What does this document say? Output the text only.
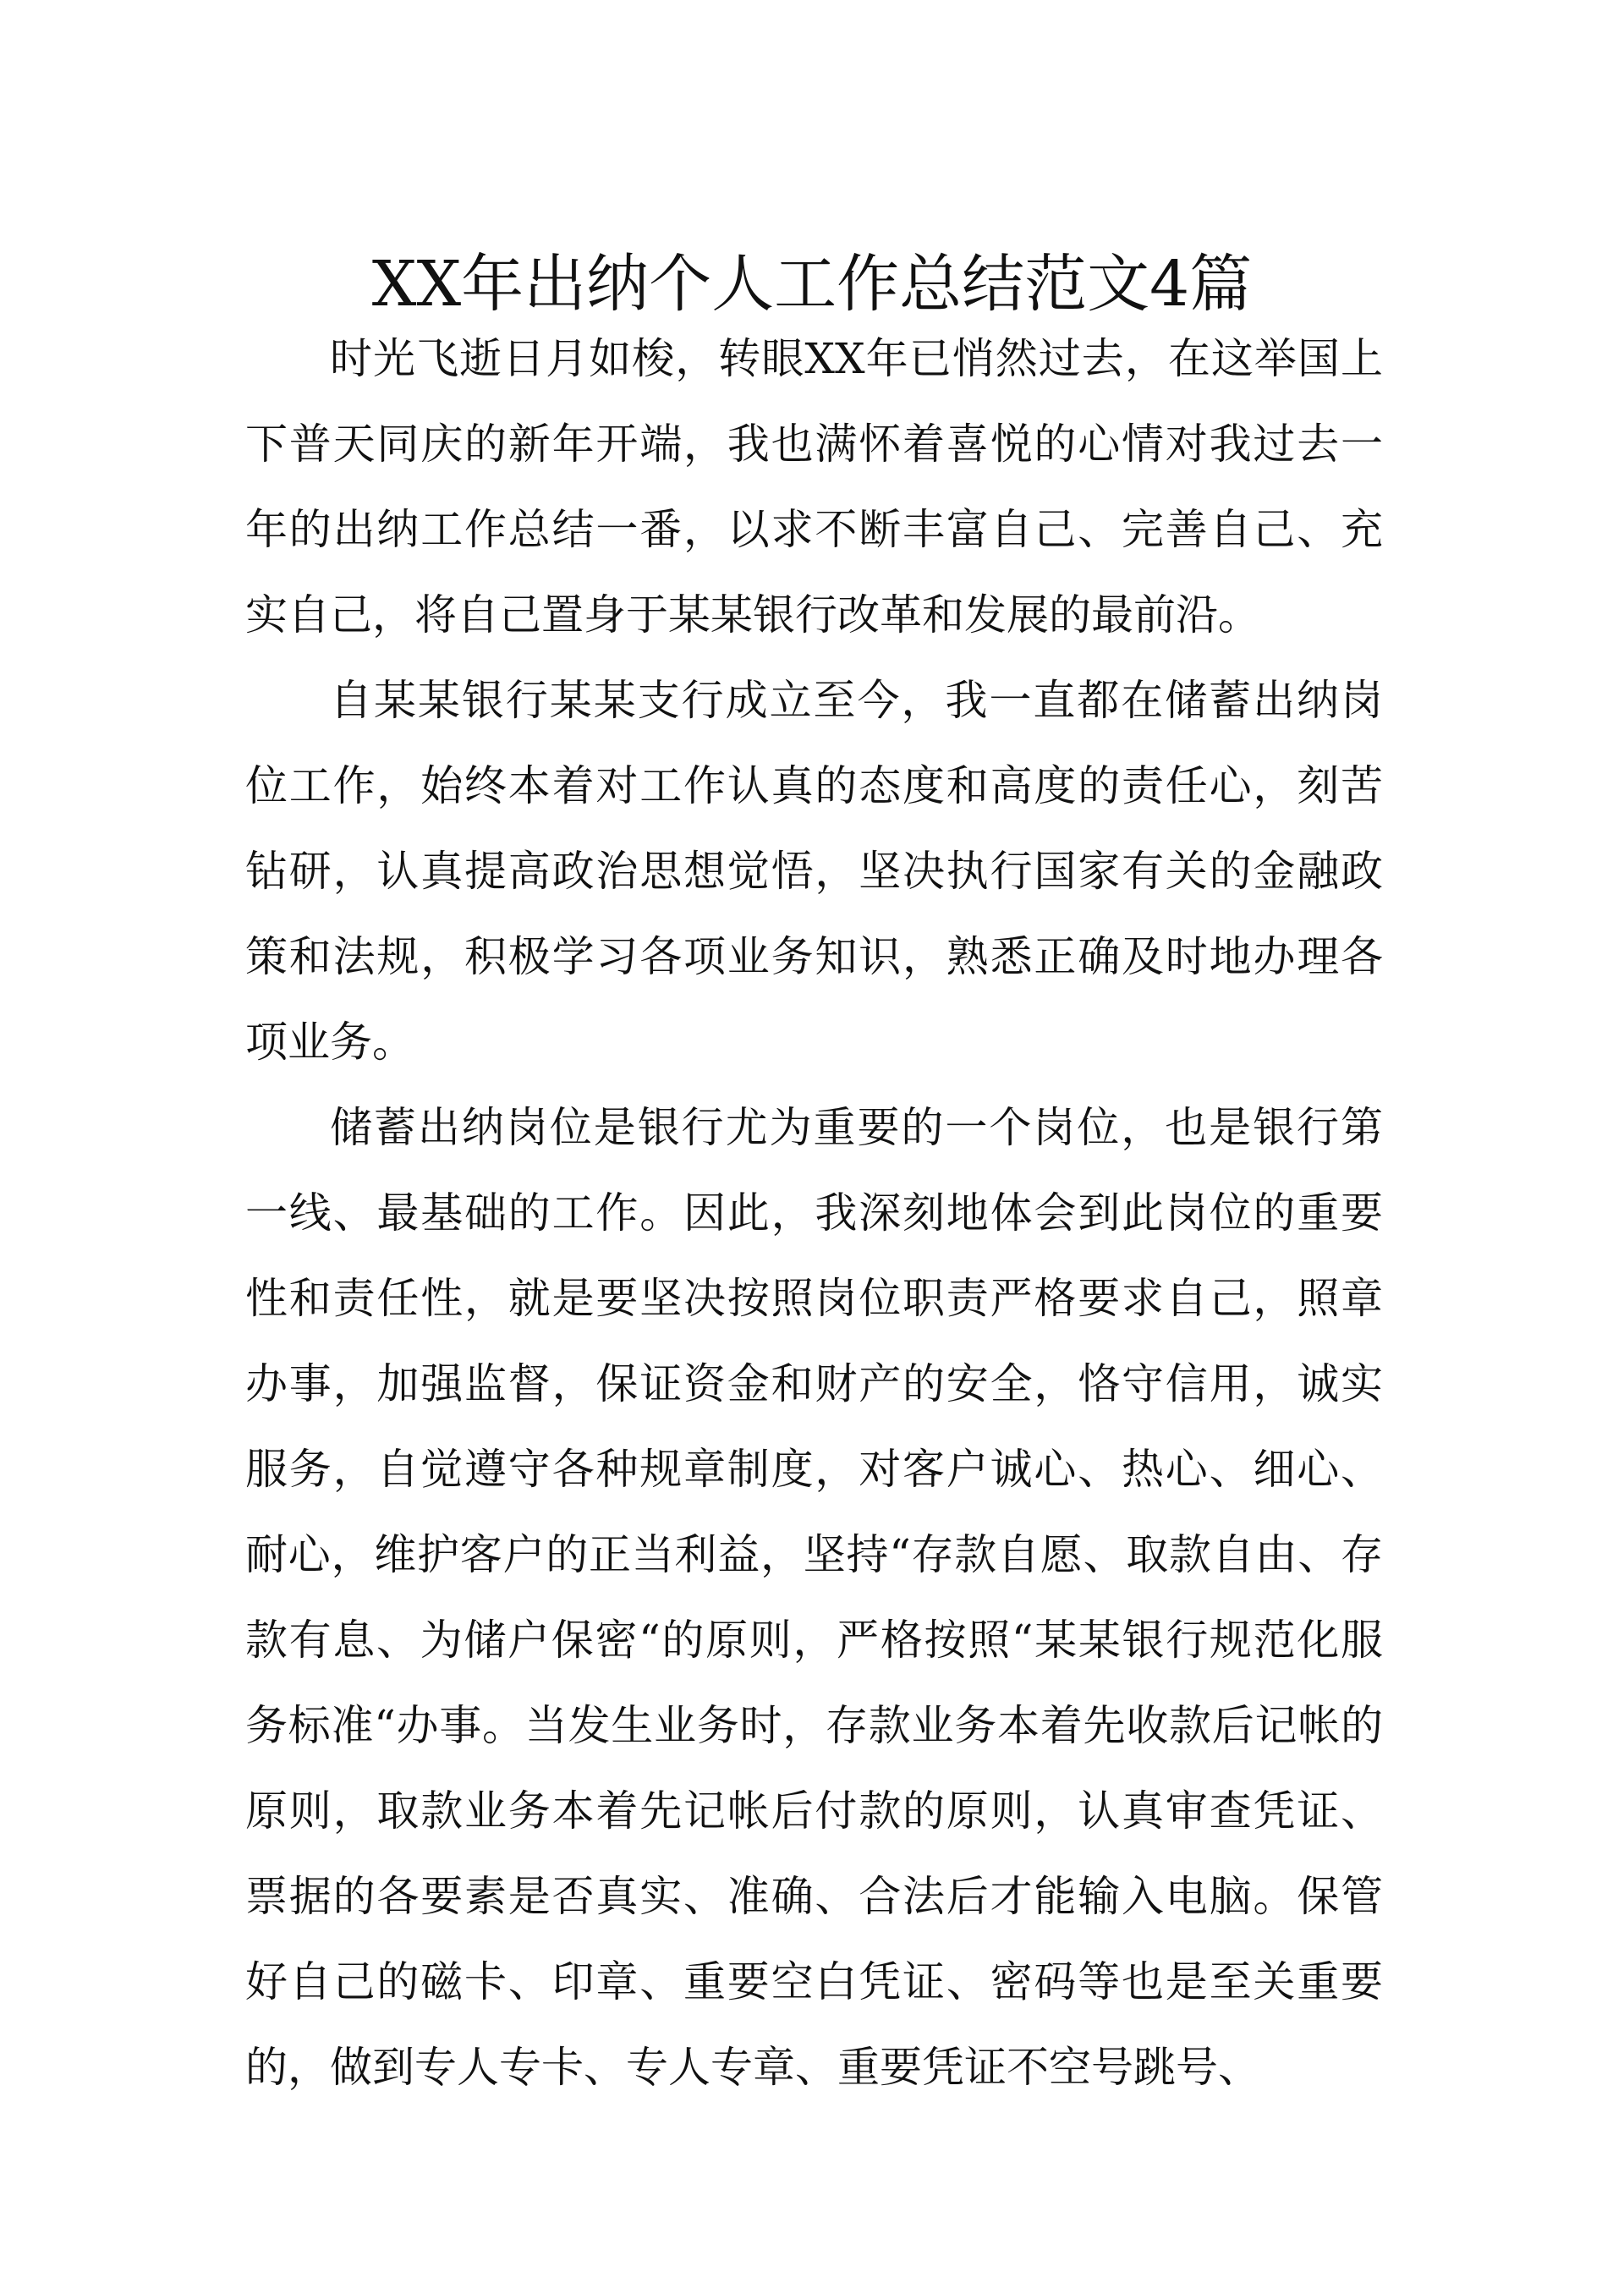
XX年出纳个人工作总结范文4篇

时光飞逝日月如梭，转眼XX年已悄然过去，在这举国上下普天同庆的新年开端，我也满怀着喜悦的心情对我过去一年的出纳工作总结一番，以求不断丰富自己、完善自己、充实自己，将自己置身于某某银行改革和发展的最前沿。

自某某银行某某支行成立至今，我一直都在储蓄出纳岗位工作，始终本着对工作认真的态度和高度的责任心，刻苦钻研，认真提高政治思想觉悟，坚决执行国家有关的金融政策和法规，积极学习各项业务知识，熟悉正确及时地办理各项业务。

储蓄出纳岗位是银行尤为重要的一个岗位，也是银行第一线、最基础的工作。因此，我深刻地体会到此岗位的重要性和责任性，就是要坚决按照岗位职责严格要求自己，照章办事，加强监督，保证资金和财产的安全，恪守信用，诚实服务，自觉遵守各种规章制度，对客户诚心、热心、细心、耐心，维护客户的正当利益，坚持“存款自愿、取款自由、存款有息、为储户保密“的原则，严格按照“某某银行规范化服务标准“办事。当发生业务时，存款业务本着先收款后记帐的原则，取款业务本着先记帐后付款的原则，认真审查凭证、票据的各要素是否真实、准确、合法后才能输入电脑。保管好自己的磁卡、印章、重要空白凭证、密码等也是至关重要的，做到专人专卡、专人专章、重要凭证不空号跳号、
